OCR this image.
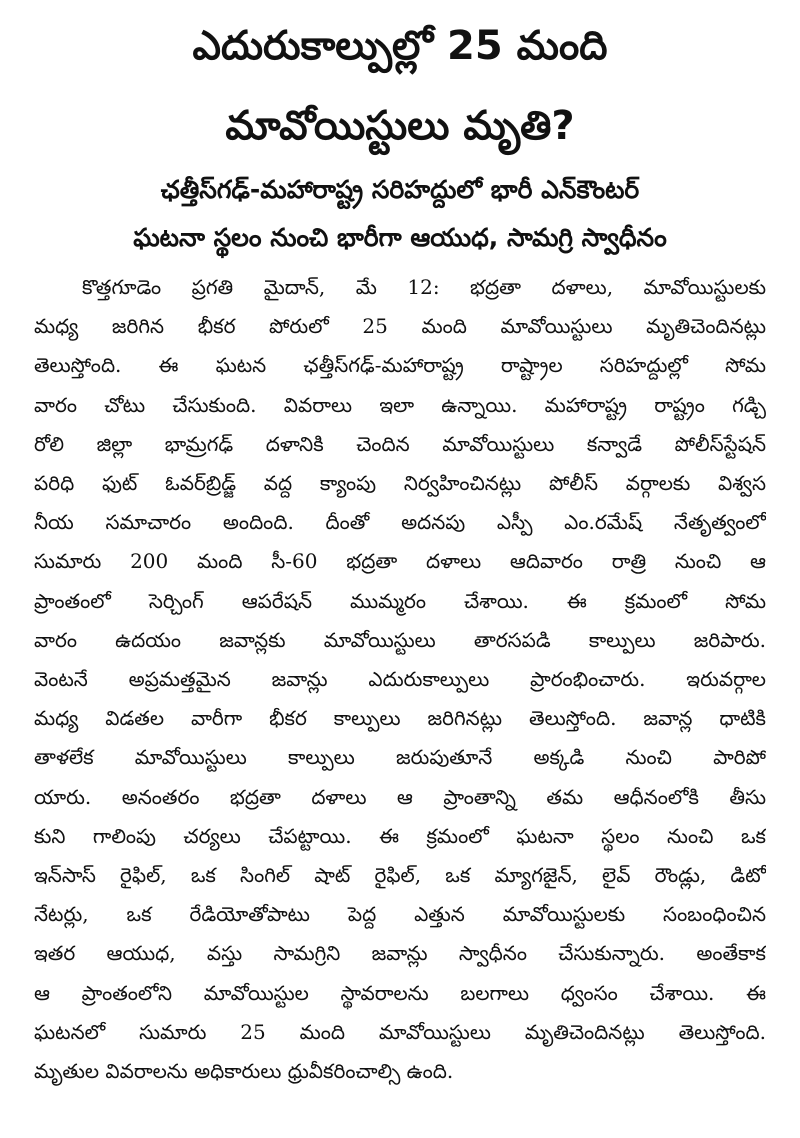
ఎదురుకాల్పుల్లో 25 మంది
మావోయిస్టులు మృతి?
ఛత్తీస్‌గఢ్‌-మహారాష్ట్ర సరిహద్దులో భారీ ఎన్‌కౌంటర్‌
ఘటనా స్థలం నుంచి భారీగా ఆయుధ, సామగ్రి స్వాధీనం
కొత్తగూడెం ప్రగతి మైదాన్, మే 12: భద్రతా దళాలు, మావోయిస్టులకు
మధ్య జరిగిన భీకర పోరులో 25 మంది మావోయిస్టులు మృతిచెందినట్లు
తెలుస్తోంది. ఈ ఘటన ఛత్తీస్‌గఢ్‌-మహారాష్ట్ర రాష్ట్రాల సరిహద్దుల్లో సోమ
వారం చోటు చేసుకుంది. వివరాలు ఇలా ఉన్నాయి. మహారాష్ట్ర రాష్ట్రం గడ్చి
రోలి జిల్లా భామ్రగఢ్‌ దళానికి చెందిన మావోయిస్టులు కన్వాడే పోలీస్‌స్టేషన్‌
పరిధి ఫుట్‌ ఓవర్‌బ్రిడ్జ్‌ వద్ద క్యాంపు నిర్వహించినట్లు పోలీస్‌ వర్గాలకు విశ్వస
నీయ సమాచారం అందింది. దీంతో అదనపు ఎస్పీ ఎం.రమేష్‌ నేతృత్వంలో
సుమారు 200 మంది సీ-60 భద్రతా దళాలు ఆదివారం రాత్రి నుంచి ఆ
ప్రాంతంలో సెర్చింగ్‌ ఆపరేషన్‌ ముమ్మరం చేశాయి. ఈ క్రమంలో సోమ
వారం ఉదయం జవాన్లకు మావోయిస్టులు తారసపడి కాల్పులు జరిపారు.
వెంటనే అప్రమత్తమైన జవాన్లు ఎదురుకాల్పులు ప్రారంభించారు. ఇరువర్గాల
మధ్య విడతల వారీగా భీకర కాల్పులు జరిగినట్లు తెలుస్తోంది. జవాన్ల ధాటికి
తాళలేక మావోయిస్టులు కాల్పులు జరుపుతూనే అక్కడి నుంచి పారిపో
యారు. అనంతరం భద్రతా దళాలు ఆ ప్రాంతాన్ని తమ ఆధీనంలోకి తీసు
కుని గాలింపు చర్యలు చేపట్టాయి. ఈ క్రమంలో ఘటనా స్థలం నుంచి ఒక
ఇన్‌సాస్‌ రైఫిల్‌, ఒక సింగిల్‌ షాట్‌ రైఫిల్‌, ఒక మ్యాగజైన్‌, లైవ్‌ రౌండ్లు, డిటో
నేటర్లు, ఒక రేడియోతోపాటు పెద్ద ఎత్తున మావోయిస్టులకు సంబంధించిన
ఇతర ఆయుధ, వస్తు సామగ్రిని జవాన్లు స్వాధీనం చేసుకున్నారు. అంతేకాక
ఆ ప్రాంతంలోని మావోయిస్టుల స్థావరాలను బలగాలు ధ్వంసం చేశాయి. ఈ
ఘటనలో సుమారు 25 మంది మావోయిస్టులు మృతిచెందినట్లు తెలుస్తోంది.
మృతుల వివరాలను అధికారులు ధ్రువీకరించాల్సి ఉంది.
